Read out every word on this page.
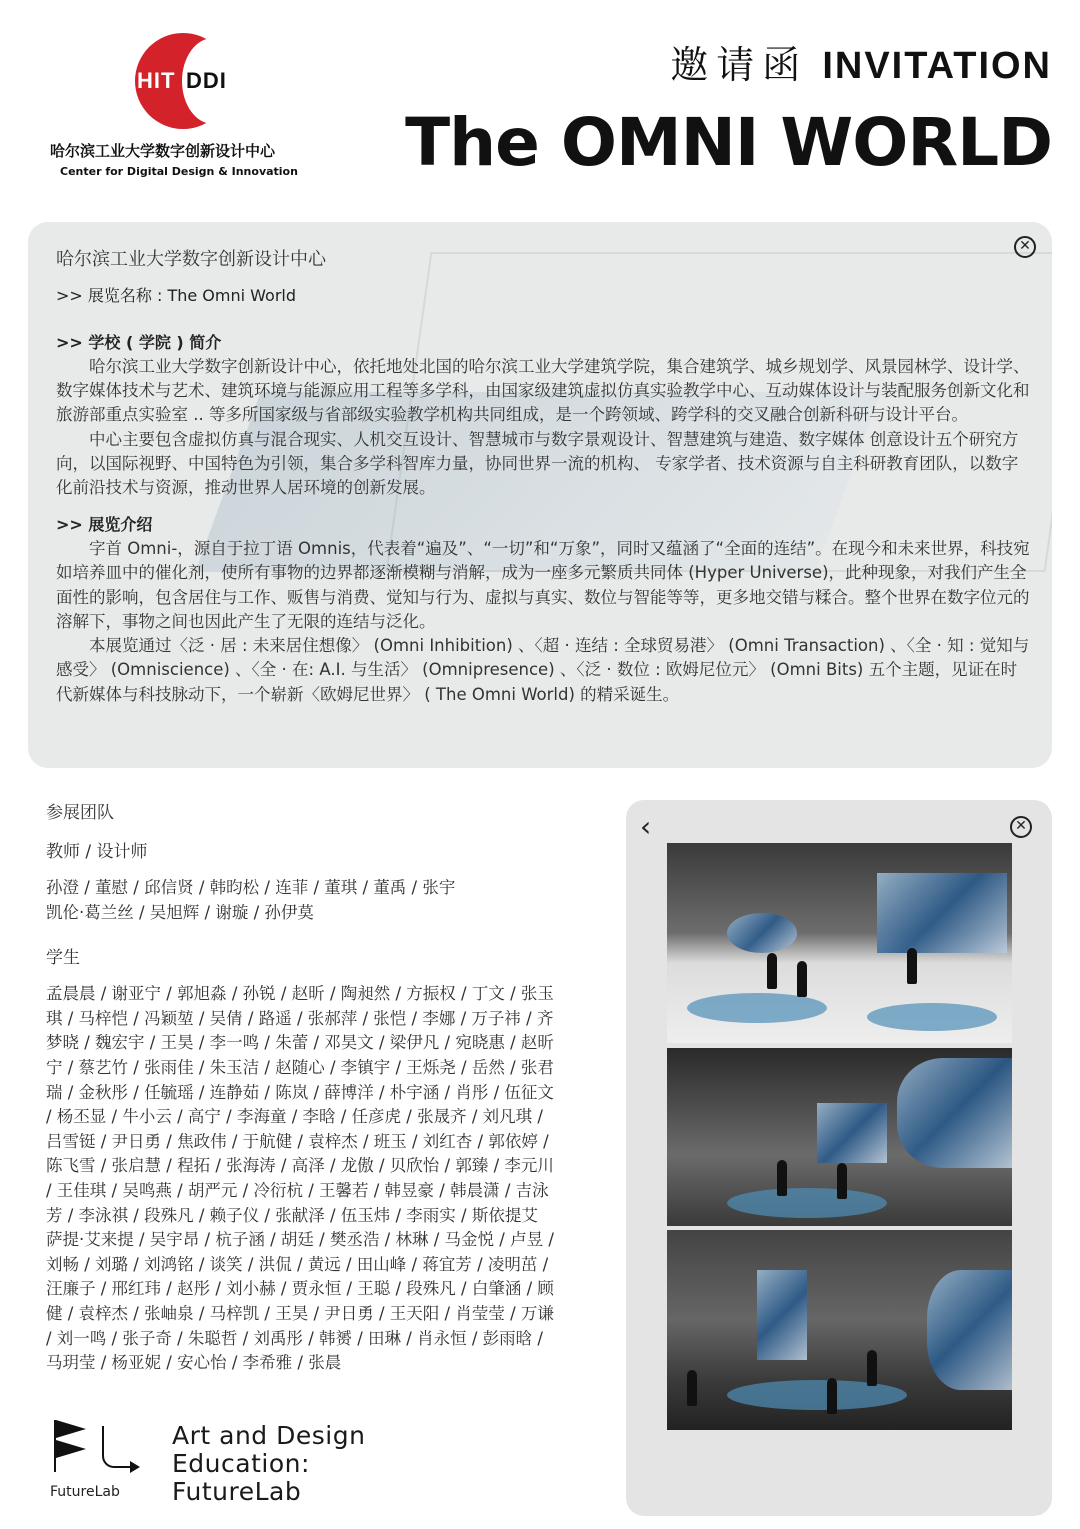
HIT DDI
哈尔滨工业大学数字创新设计中心
Center for Digital Design & Innovation
邀请函 INVITATION
The OMNI WORLD
✕
哈尔滨工业大学数字创新设计中心
>> 展览名称 : The Omni World
>> 学校 ( 学院 ) 简介
哈尔滨工业大学数字创新设计中心，依托地处北国的哈尔滨工业大学建筑学院，集合建筑学、城乡规划学、风景园林学、设计学、数字媒体技术与艺术、建筑环境与能源应用工程等多学科，由国家级建筑虚拟仿真实验教学中心、互动媒体设计与装配服务创新文化和旅游部重点实验室 .. 等多所国家级与省部级实验教学机构共同组成，是一个跨领域、跨学科的交叉融合创新科研与设计平台。
中心主要包含虚拟仿真与混合现实、人机交互设计、智慧城市与数字景观设计、智慧建筑与建造、数字媒体 创意设计五个研究方向，以国际视野、中国特色为引领，集合多学科智库力量，协同世界一流的机构、 专家学者、技术资源与自主科研教育团队，以数字化前沿技术与资源，推动世界人居环境的创新发展。
>> 展览介绍
字首 Omni-，源自于拉丁语 Omnis，代表着“遍及”、“一切”和“万象”，同时又蕴涵了“全面的连结”。在现今和未来世界，科技宛如培养皿中的催化剂，使所有事物的边界都逐渐模糊与消解，成为一座多元繁质共同体 (Hyper Universe)，此种现象，对我们产生全面性的影响，包含居住与工作、贩售与消费、觉知与行为、虚拟与真实、数位与智能等等，更多地交错与糅合。整个世界在数字位元的溶解下，事物之间也因此产生了无限的连结与泛化。
本展览通过〈泛 · 居 : 未来居住想像〉 (Omni Inhibition) 、〈超 · 连结 : 全球贸易港〉 (Omni Transaction) 、〈全 · 知 : 觉知与感受〉 (Omniscience) 、〈全 · 在: A.I. 与生活〉 (Omnipresence) 、〈泛 · 数位 : 欧姆尼位元〉 (Omni Bits) 五个主题，见证在时代新媒体与科技脉动下，一个崭新〈欧姆尼世界〉 ( The Omni World) 的精采诞生。
参展团队
教师 / 设计师
孙澄 / 董慰 / 邱信贤 / 韩昀松 / 连菲 / 董琪 / 董禹 / 张宇
凯伦·葛兰丝 / 吴旭辉 / 谢璇 / 孙伊莫
学生
孟晨晨 / 谢亚宁 / 郭旭淼 / 孙锐 / 赵昕 / 陶昶然 / 方振权 / 丁文 / 张玉
琪 / 马梓恺 / 冯颖堃 / 吴倩 / 路遥 / 张郝萍 / 张恺 / 李娜 / 万子祎 / 齐
梦晓 / 魏宏宇 / 王昊 / 李一鸣 / 朱蕾 / 邓昊文 / 梁伊凡 / 宛晓惠 / 赵昕
宁 / 蔡艺竹 / 张雨佳 / 朱玉洁 / 赵随心 / 李镇宇 / 王烁尧 / 岳然 / 张君
瑞 / 金秋彤 / 任毓瑶 / 连静茹 / 陈岚 / 薛博洋 / 朴宇涵 / 肖彤 / 伍征文
/ 杨丕显 / 牛小云 / 高宁 / 李海童 / 李晗 / 任彦虎 / 张晟齐 / 刘凡琪 /
吕雪铤 / 尹日勇 / 焦政伟 / 于航健 / 袁梓杰 / 班玉 / 刘红杏 / 郭依婷 /
陈飞雪 / 张启慧 / 程拓 / 张海涛 / 高泽 / 龙傲 / 贝欣怡 / 郭臻 / 李元川
/ 王佳琪 / 吴鸣燕 / 胡严元 / 冷衍杭 / 王馨若 / 韩昱豪 / 韩晨潇 / 吉泳
芳 / 李泳祺 / 段殊凡 / 赖子仪 / 张献泽 / 伍玉炜 / 李雨实 / 斯依提艾
萨提·艾来提 / 吴宇昂 / 杭子涵 / 胡廷 / 樊丞浩 / 林琳 / 马金悦 / 卢昱 /
刘畅 / 刘璐 / 刘鸿铭 / 谈笑 / 洪侃 / 黄远 / 田山峰 / 蒋宜芳 / 凌明茁 /
汪廉子 / 邢红玮 / 赵彤 / 刘小赫 / 贾永恒 / 王聪 / 段殊凡 / 白肇涵 / 顾
健 / 袁梓杰 / 张岫泉 / 马梓凯 / 王昊 / 尹日勇 / 王天阳 / 肖莹莹 / 万谦
/ 刘一鸣 / 张子奇 / 朱聪哲 / 刘禹彤 / 韩赟 / 田琳 / 肖永恒 / 彭雨晗 /
马玥莹 / 杨亚妮 / 安心怡 / 李希雅 / 张晨
‹	✕
FutureLab
Art and Design
Education:
FutureLab
